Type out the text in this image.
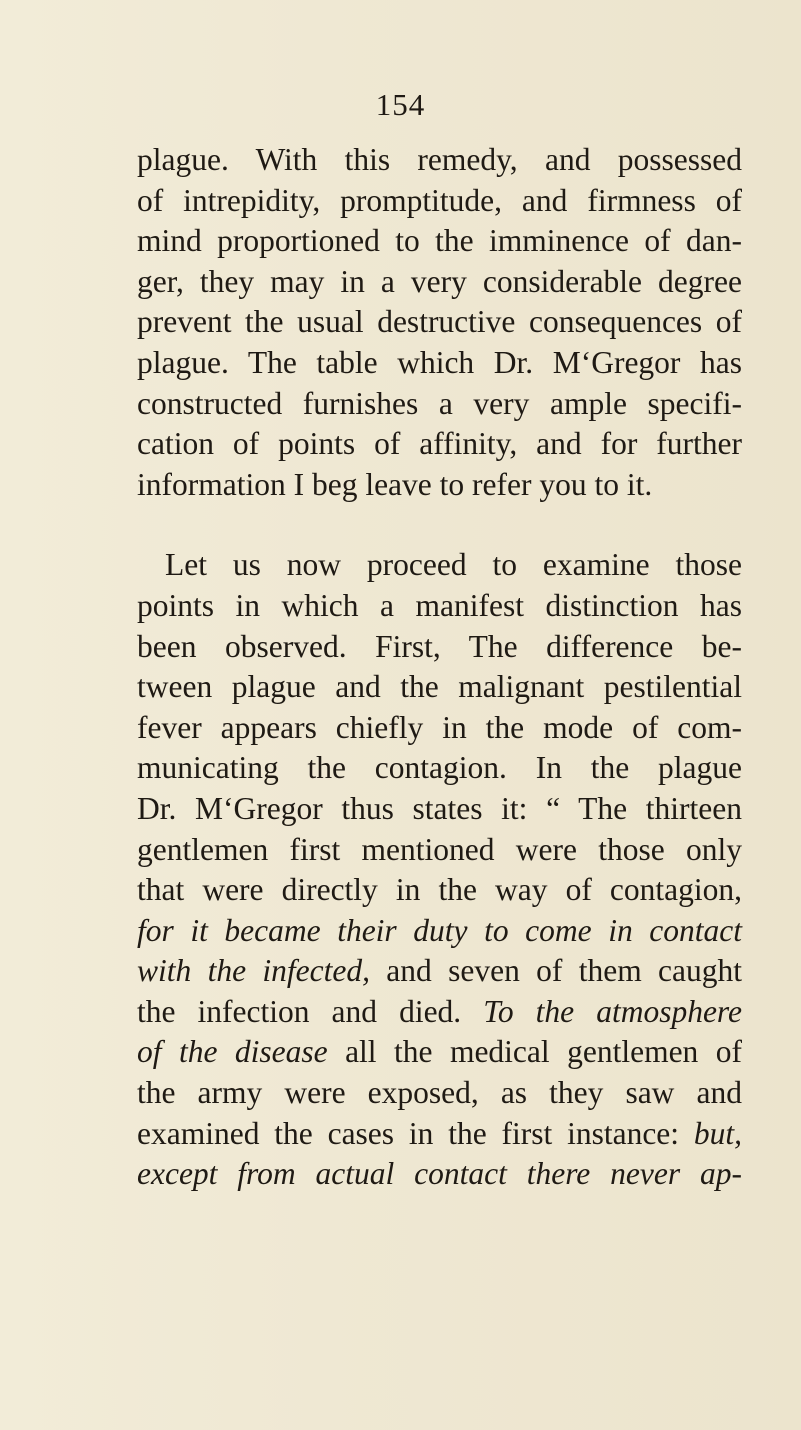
154

plague. With this remedy, and possessed

of intrepidity, promptitude, and firmness of

mind proportioned to the imminence of dan-

ger, they may in a very considerable degree

prevent the usual destructive consequences of

plague. The table which Dr. M‘Gregor has

constructed furnishes a very ample specifi-

cation of points of affinity, and for further

information I beg leave to refer you to it.

Let us now proceed to examine those

points in which a manifest distinction has

been observed. First, The difference be-

tween plague and the malignant pestilential

fever appears chiefly in the mode of com-

municating the contagion. In the plague

Dr. M‘Gregor thus states it: “ The thirteen

gentlemen first mentioned were those only

that were directly in the way of contagion,

for it became their duty to come in contact

with the infected, and seven of them caught

the infection and died. To the atmosphere

of the disease all the medical gentlemen of

the army were exposed, as they saw and

examined the cases in the first instance: but,

except from actual contact there never ap-
